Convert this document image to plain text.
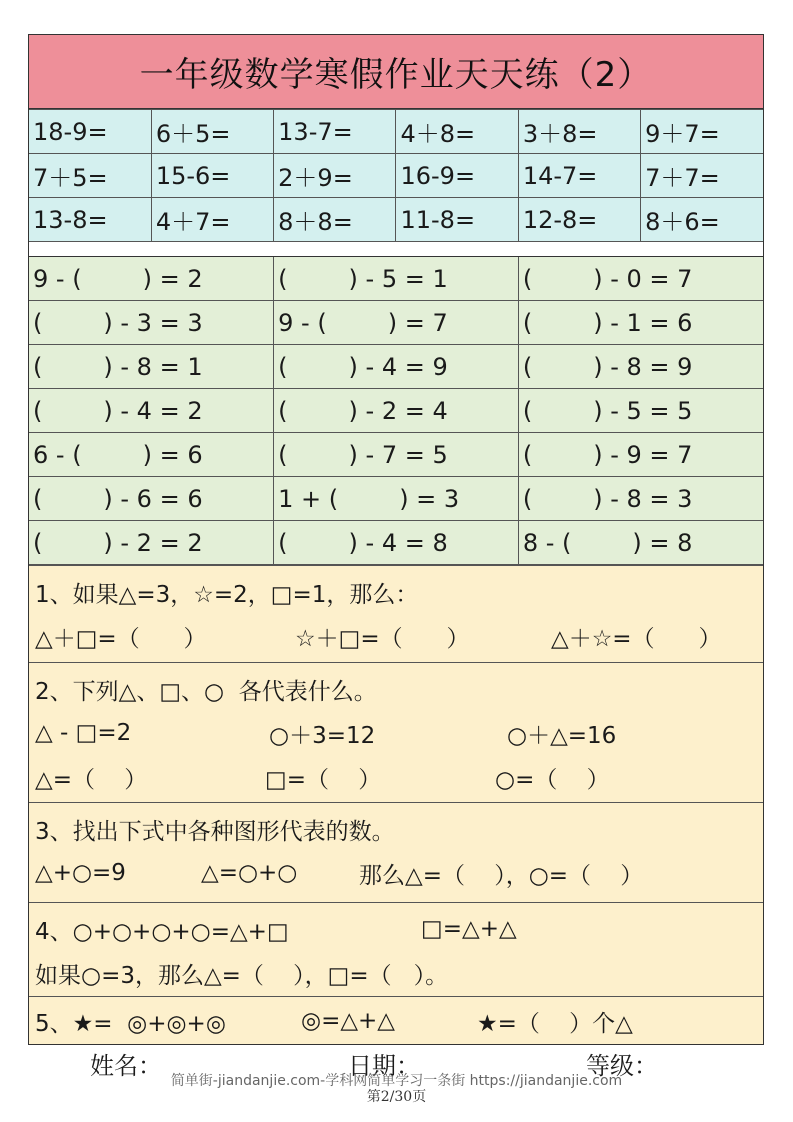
一年级数学寒假作业天天练（2）
18-9=	6＋5=	13-7=	4＋8=	3＋8=	9＋7=
7＋5=	15-6=	2＋9=	16-9=	14-7=	7＋7=
13-8=	4＋7=	8＋8=	11-8=	12-8=	8＋6=
9 - (        ) = 2	(        ) - 5 = 1	(        ) - 0 = 7
(        ) - 3 = 3	9 - (        ) = 7	(        ) - 1 = 6
(        ) - 8 = 1	(        ) - 4 = 9	(        ) - 8 = 9
(        ) - 4 = 2	(        ) - 2 = 4	(        ) - 5 = 5
6 - (        ) = 6	(        ) - 7 = 5	(        ) - 9 = 7
(        ) - 6 = 6	1 + (        ) = 3	(        ) - 8 = 3
(        ) - 2 = 2	(        ) - 4 = 8	8 - (        ) = 8
1、如果△=3，☆=2，□=1，那么：
△＋□=（      ）	☆＋□=（      ）	△＋☆=（      ）
2、下列△、□、○  各代表什么。
△ - □=2	○＋3=12	○＋△=16
△=（    ）	□=（    ）	○=（    ）
3、找出下式中各种图形代表的数。
△+○=9	△=○+○	那么△=（    ），○=（    ）
4、○+○+○+○=△+□	□=△+△
如果○=3，那么△=（    ），□=（   ）。
5、★=  ◎+◎+◎	◎=△+△	★=（    ）个△
姓名：	日期：	等级：
简单街-jiandanjie.com-学科网简单学习一条街 https://jiandanjie.com
第2/30页
